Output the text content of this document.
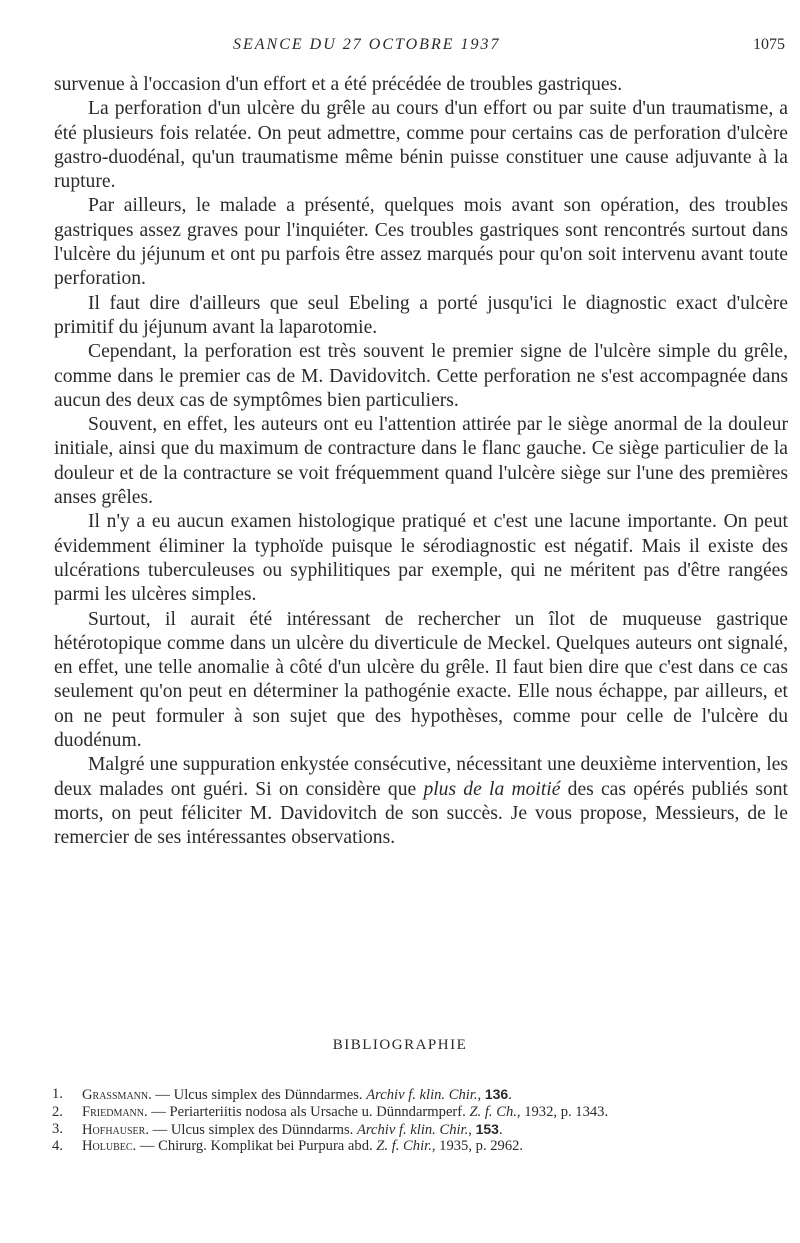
SEANCE DU 27 OCTOBRE 1937	1075

survenue à l'occasion d'un effort et a été précédée de troubles gastriques.

La perforation d'un ulcère du grêle au cours d'un effort ou par suite d'un traumatisme, a été plusieurs fois relatée. On peut admettre, comme pour certains cas de perforation d'ulcère gastro-duodénal, qu'un traumatisme même bénin puisse constituer une cause adjuvante à la rupture.

Par ailleurs, le malade a présenté, quelques mois avant son opération, des troubles gastriques assez graves pour l'inquiéter. Ces troubles gastriques sont rencontrés surtout dans l'ulcère du jéjunum et ont pu parfois être assez marqués pour qu'on soit intervenu avant toute perforation.

Il faut dire d'ailleurs que seul Ebeling a porté jusqu'ici le diagnostic exact d'ulcère primitif du jéjunum avant la laparotomie.

Cependant, la perforation est très souvent le premier signe de l'ulcère simple du grêle, comme dans le premier cas de M. Davidovitch. Cette perforation ne s'est accompagnée dans aucun des deux cas de symptômes bien particuliers.

Souvent, en effet, les auteurs ont eu l'attention attirée par le siège anormal de la douleur initiale, ainsi que du maximum de contracture dans le flanc gauche. Ce siège particulier de la douleur et de la contracture se voit fréquemment quand l'ulcère siège sur l'une des premières anses grêles.

Il n'y a eu aucun examen histologique pratiqué et c'est une lacune importante. On peut évidemment éliminer la typhoïde puisque le sérodiagnostic est négatif. Mais il existe des ulcérations tuberculeuses ou syphilitiques par exemple, qui ne méritent pas d'être rangées parmi les ulcères simples.

Surtout, il aurait été intéressant de rechercher un îlot de muqueuse gastrique hétérotopique comme dans un ulcère du diverticule de Meckel. Quelques auteurs ont signalé, en effet, une telle anomalie à côté d'un ulcère du grêle. Il faut bien dire que c'est dans ce cas seulement qu'on peut en déterminer la pathogénie exacte. Elle nous échappe, par ailleurs, et on ne peut formuler à son sujet que des hypothèses, comme pour celle de l'ulcère du duodénum.

Malgré une suppuration enkystée consécutive, nécessitant une deuxième intervention, les deux malades ont guéri. Si on considère que plus de la moitié des cas opérés publiés sont morts, on peut féliciter M. Davidovitch de son succès. Je vous propose, Messieurs, de le remercier de ses intéressantes observations.

BIBLIOGRAPHIE
1. Grassmann. — Ulcus simplex des Dünndarmes. Archiv f. klin. Chir., 136.
2. Friedmann. — Periarteriitis nodosa als Ursache u. Dünndarmperf. Z. f. Ch., 1932, p. 1343.
3. Hofhauser. — Ulcus simplex des Dünndarms. Archiv f. klin. Chir., 153.
4. Holubec. — Chirurg. Komplikat bei Purpura abd. Z. f. Chir., 1935, p. 2962.
